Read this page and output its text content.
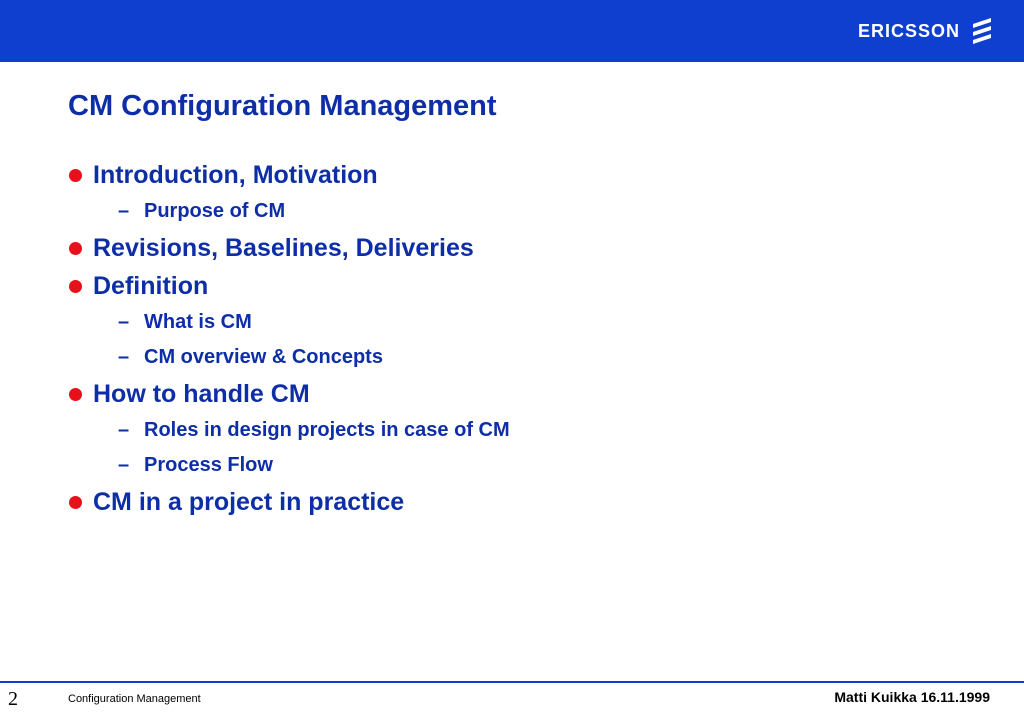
ERICSSON
CM Configuration Management
Introduction, Motivation
– Purpose of CM
Revisions, Baselines, Deliveries
Definition
– What is CM
– CM overview & Concepts
How to handle CM
– Roles in design projects in case of CM
– Process Flow
CM in a project in practice
2	Configuration Management	Matti Kuikka 16.11.1999
